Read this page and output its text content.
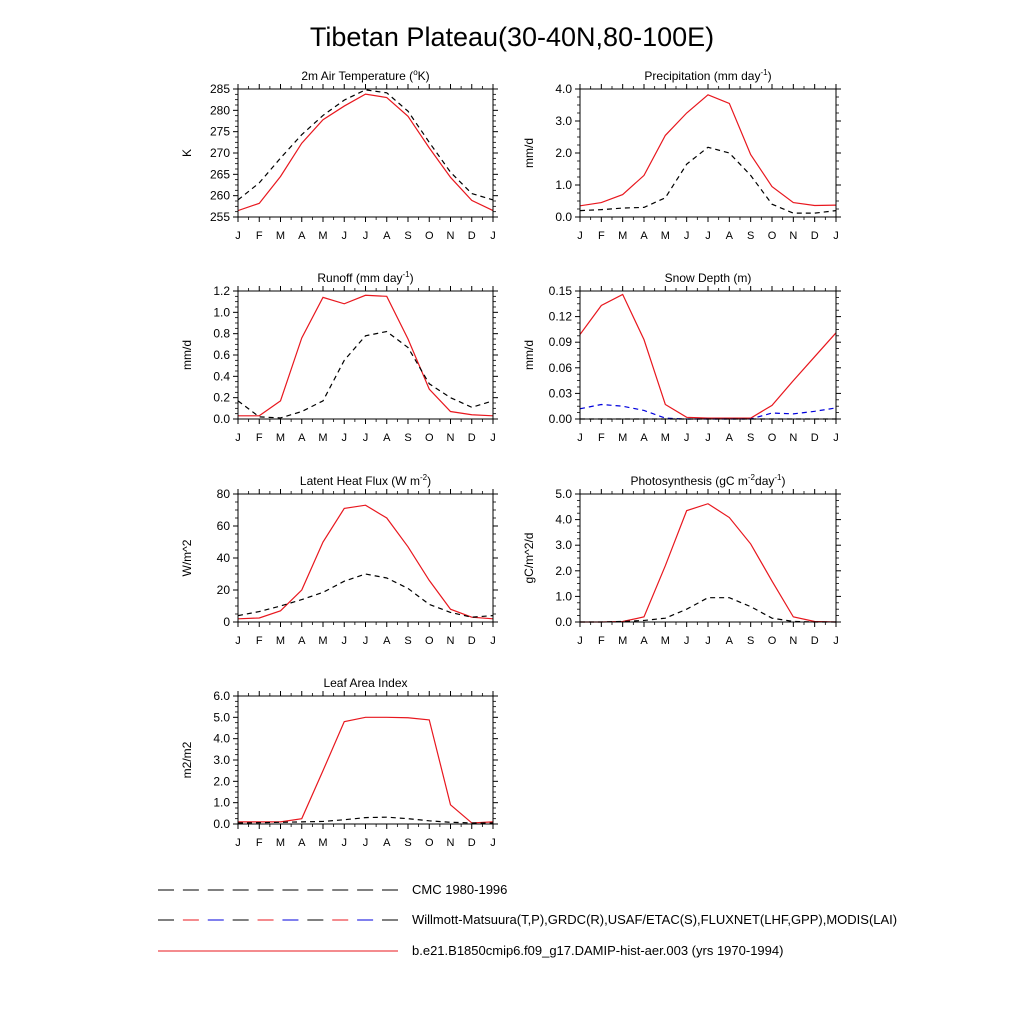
Tibetan Plateau(30-40N,80-100E)
J F M A M J J A S O N D J
255
260
265
270
275
280
285
2m Air Temperature ($^o$K)
K
J F M A M J J A S O N D J
0.0
1.0
2.0
3.0
4.0
Precipitation (mm day$^{-1}$)
mm/d
J F M A M J J A S O N D J
0.0
0.2
0.4
0.6
0.8
1.0
1.2
Runoff (mm day$^{-1}$)
mm/d
J F M A M J J A S O N D J
0.00
0.03
0.06
0.09
0.12
0.15
Snow Depth (m)
mm/d
J F M A M J J A S O N D J
0
20
40
60
80
Latent Heat Flux (W $m^{-2}$)
W/m^2
J F M A M J J A S O N D J
0.0
1.0
2.0
3.0
4.0
5.0
Photosynthesis (gC $m^{-2}day^{-1}$)
gC/m^2/d
J F M A M J J A S O N D J
0.0
1.0
2.0
3.0
4.0
5.0
6.0
Leaf Area Index
m2/m2
CMC 1980-1996
Willmott-Matsuura(T,P),GRDC(R),USAF/ETAC(S),FLUXNET(LHF,GPP),MODIS(LAI)
b.e21.B1850cmip6.f09_g17.DAMIP-hist-aer.003 (yrs 1970-1994)
